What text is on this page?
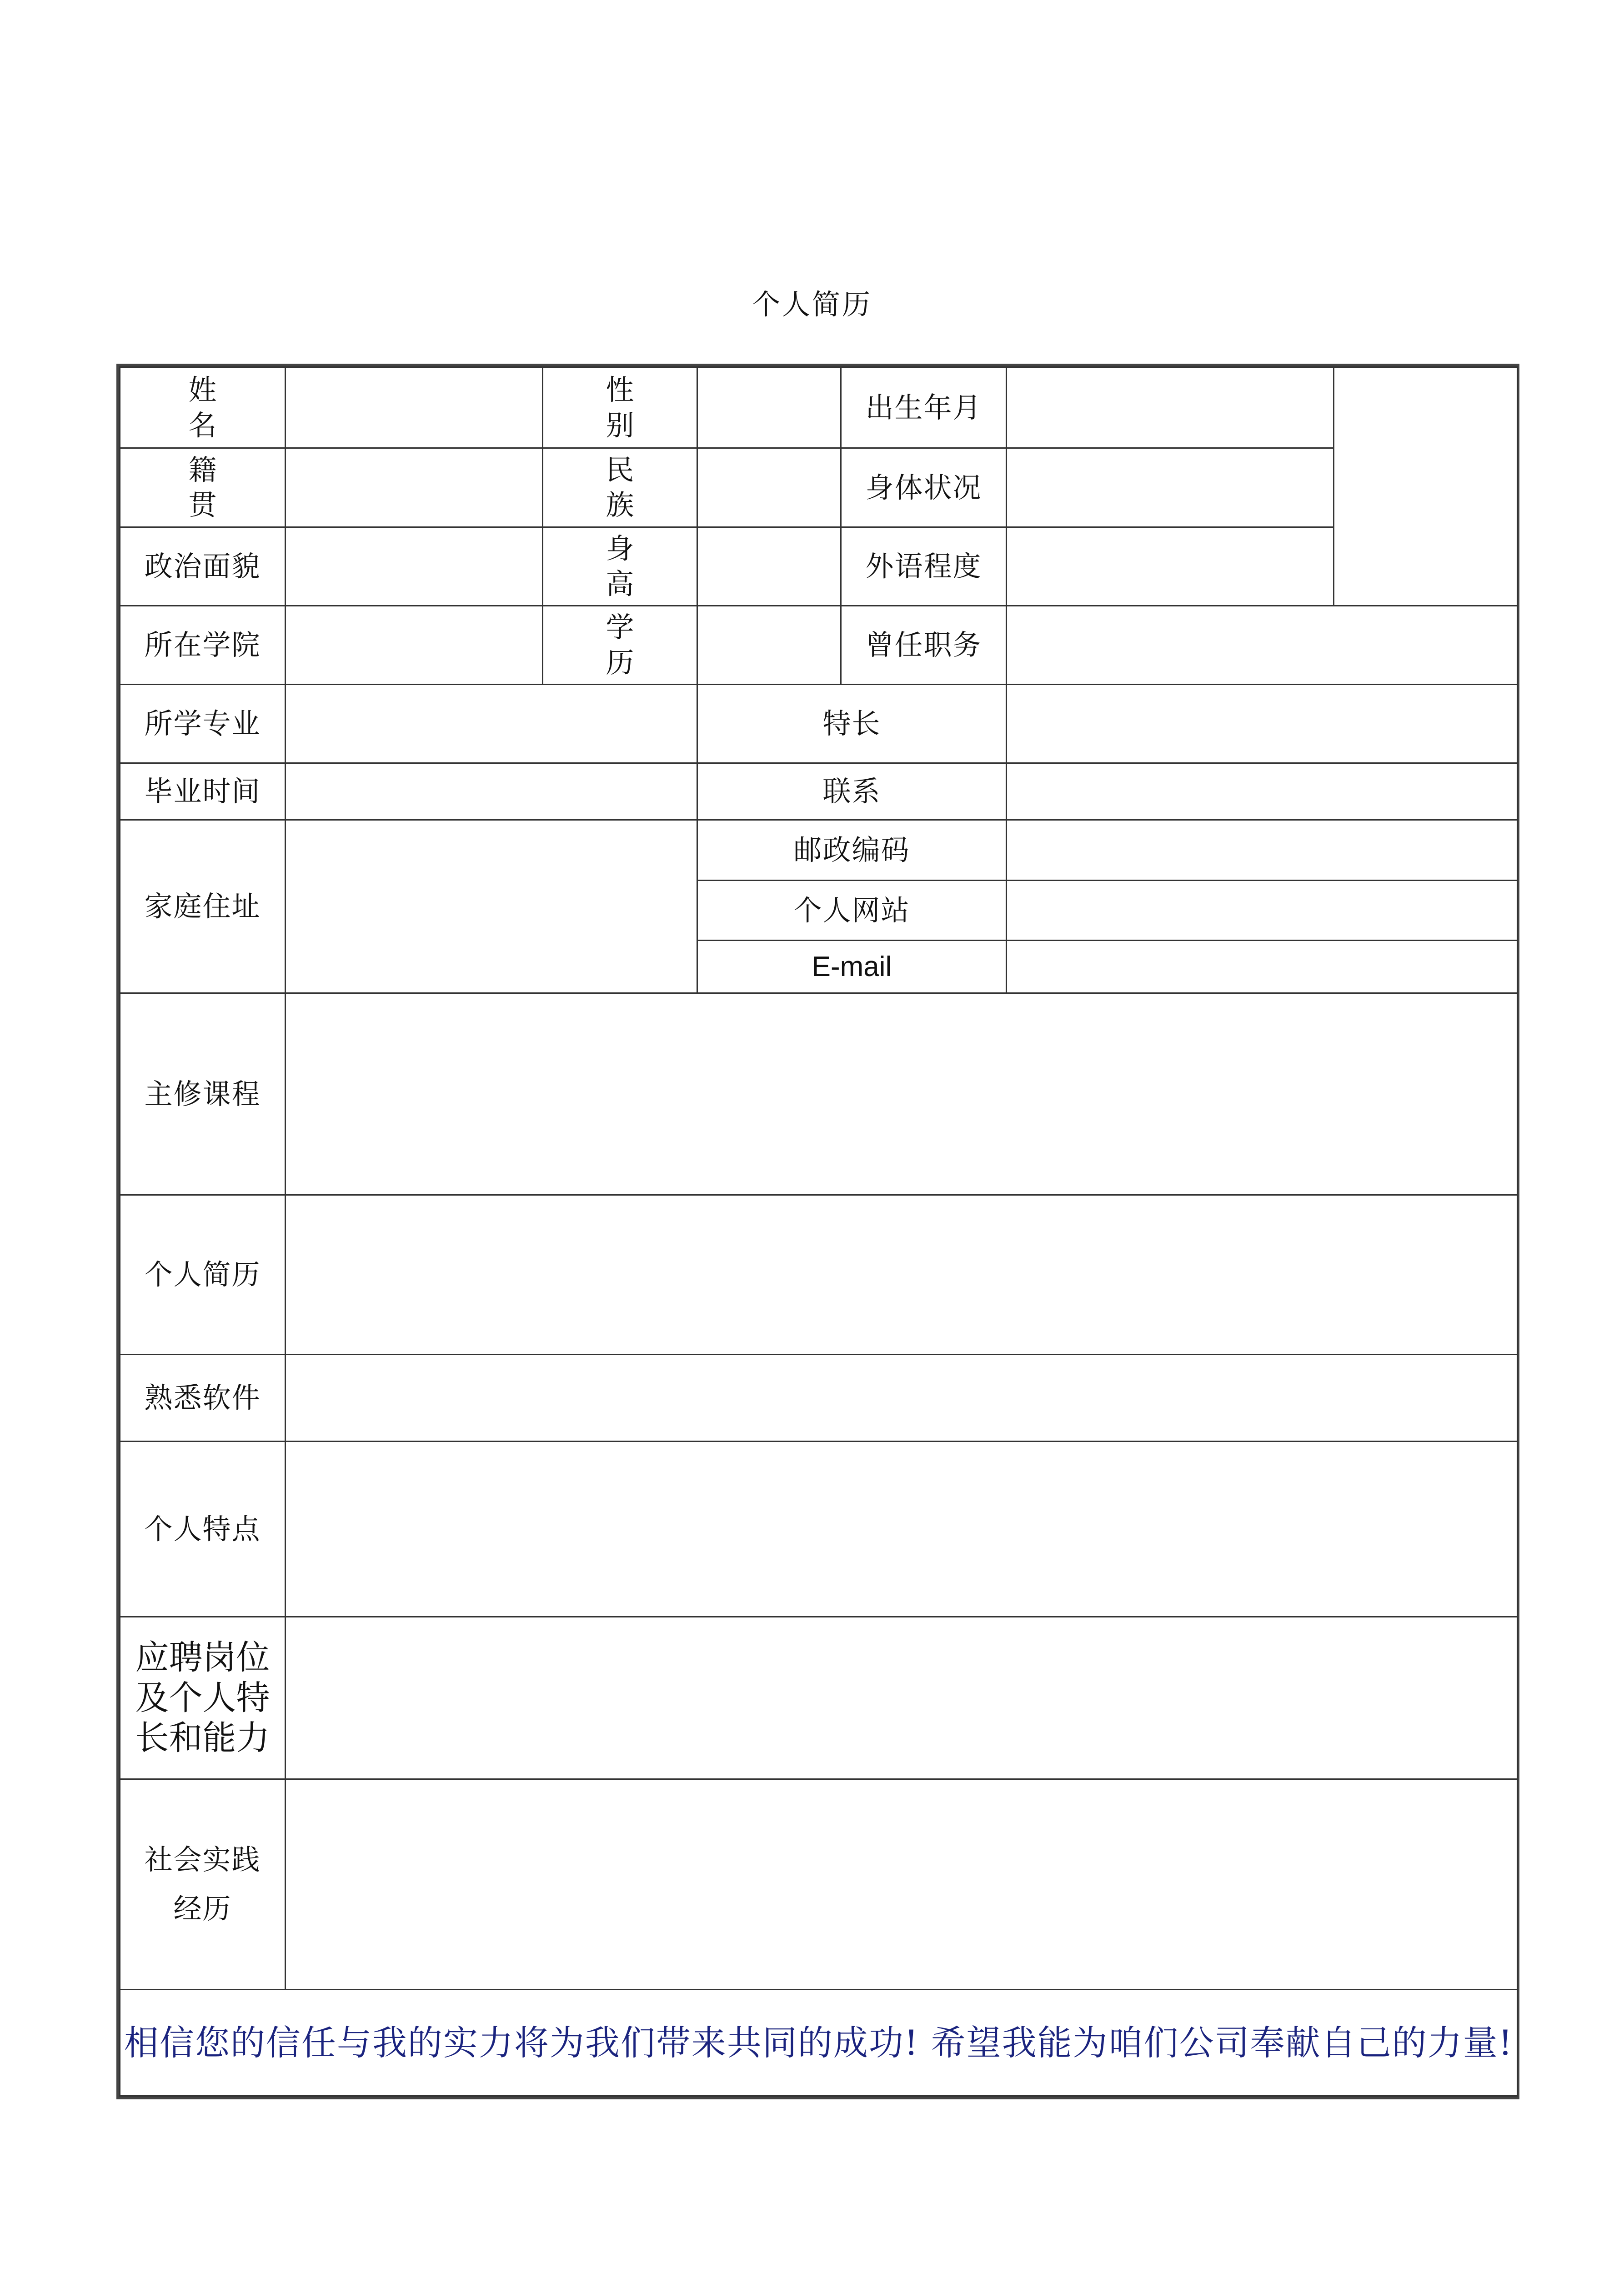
个人简历
姓名		性别		出生年月		
籍贯		民族		身体状况		
政治面貌		身高		外语程度		
所在学院		学历		曾任职务		
所学专业			特长			
毕业时间			联系			
家庭住址			邮政编码			
			个人网站			
			E-mail			
主修课程						
个人简历						
熟悉软件						
个人特点						

应聘岗位
及个人特
长和能力						

社会实践
经历						

相信您的信任与我的实力将为我们带来共同的成功! 希望我能为咱们公司奉献自己的力量!						
